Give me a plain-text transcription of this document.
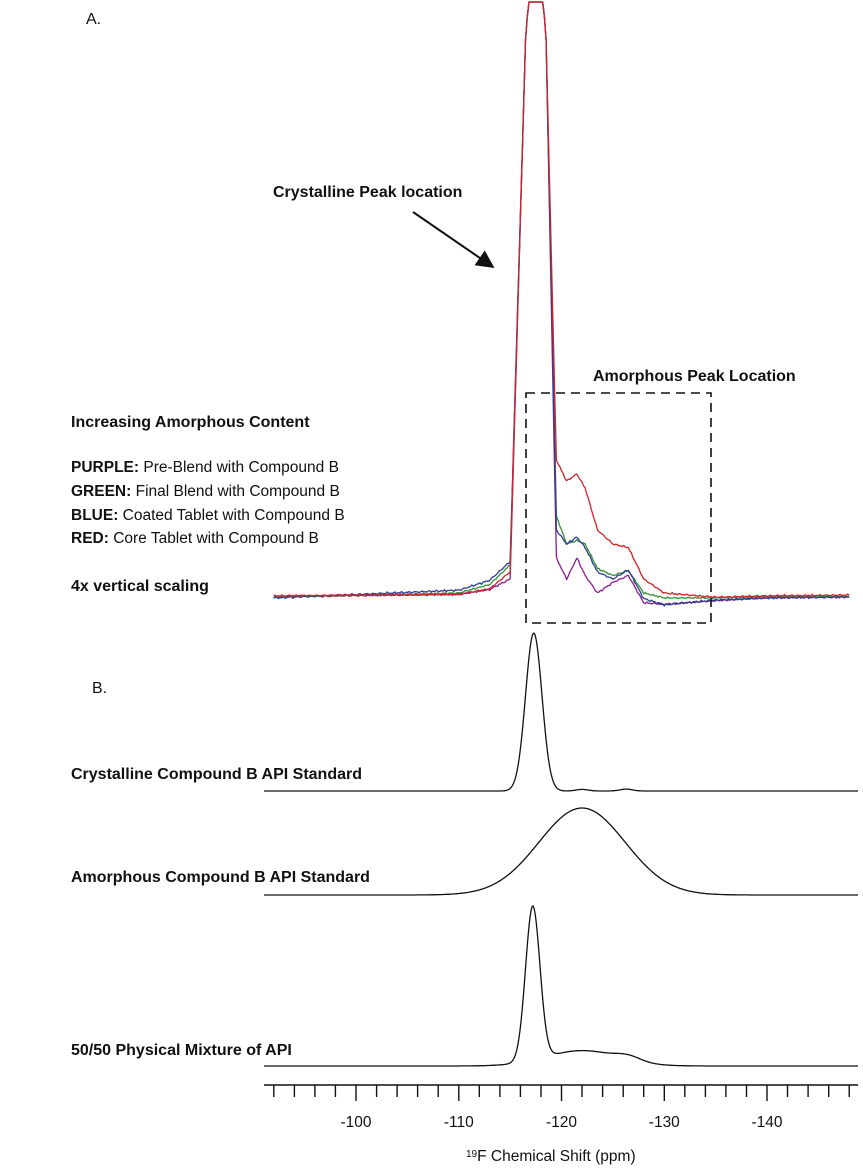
-100	-110	-120	-130	-140
A.
Crystalline Peak location
Amorphous Peak Location
Increasing Amorphous Content
PURPLE: Pre-Blend with Compound B
GREEN: Final Blend with Compound B
BLUE: Coated Tablet with Compound B
RED: Core Tablet with Compound B
4x vertical scaling
B.
Crystalline Compound B API Standard
Amorphous Compound B API Standard
50/50 Physical Mixture of API
$^{19}$F Chemical Shift (ppm)
